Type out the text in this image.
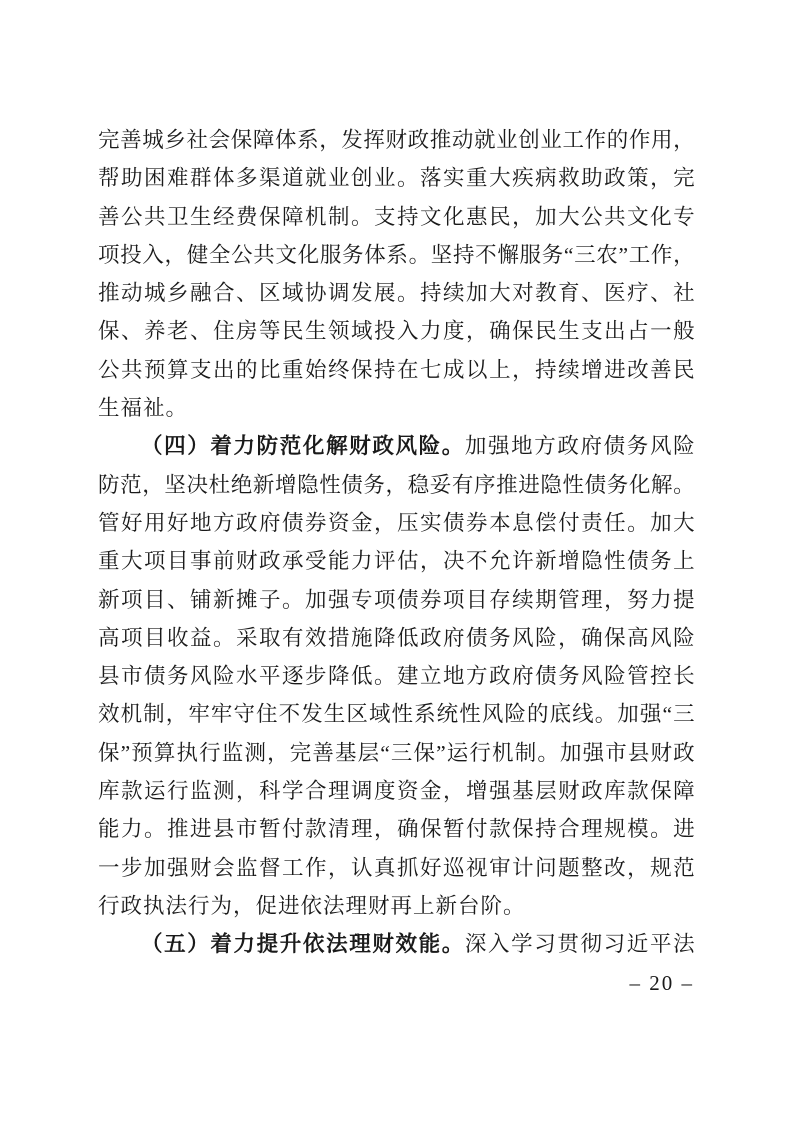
完善城乡社会保障体系，发挥财政推动就业创业工作的作用，
帮助困难群体多渠道就业创业。落实重大疾病救助政策，完
善公共卫生经费保障机制。支持文化惠民，加大公共文化专
项投入，健全公共文化服务体系。坚持不懈服务“三农”工作，
推动城乡融合、区域协调发展。持续加大对教育、医疗、社
保、养老、住房等民生领域投入力度，确保民生支出占一般
公共预算支出的比重始终保持在七成以上，持续增进改善民
生福祉。
（四）着力防范化解财政风险。加强地方政府债务风险
防范，坚决杜绝新增隐性债务，稳妥有序推进隐性债务化解。
管好用好地方政府债券资金，压实债券本息偿付责任。加大
重大项目事前财政承受能力评估，决不允许新增隐性债务上
新项目、铺新摊子。加强专项债券项目存续期管理，努力提
高项目收益。采取有效措施降低政府债务风险，确保高风险
县市债务风险水平逐步降低。建立地方政府债务风险管控长
效机制，牢牢守住不发生区域性系统性风险的底线。加强“三
保”预算执行监测，完善基层“三保”运行机制。加强市县财政
库款运行监测，科学合理调度资金，增强基层财政库款保障
能力。推进县市暂付款清理，确保暂付款保持合理规模。进
一步加强财会监督工作，认真抓好巡视审计问题整改，规范
行政执法行为，促进依法理财再上新台阶。
（五）着力提升依法理财效能。深入学习贯彻习近平法
– 20 –
